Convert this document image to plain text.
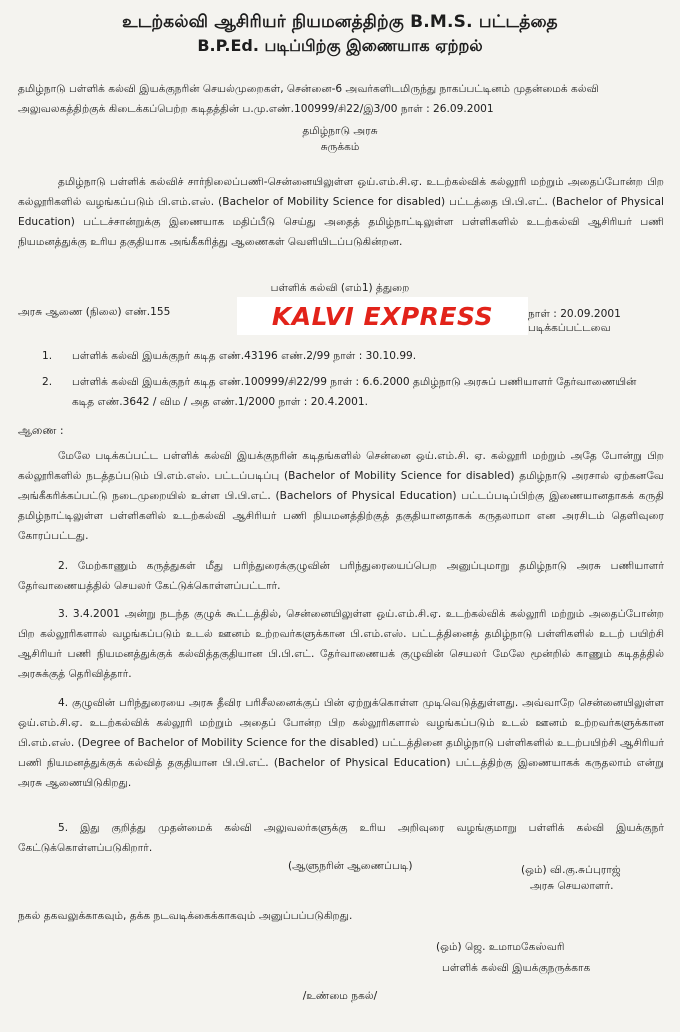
உடற்கல்வி ஆசிரியர் நியமனத்திற்கு B.M.S. பட்டத்தை
B.P.Ed. படிப்பிற்கு இணையாக ஏற்றல்
தமிழ்நாடு பள்ளிக் கல்வி இயக்குநரின் செயல்முறைகள், சென்னை-6 அவர்களிடமிருந்து நாகப்பட்டினம் முதன்மைக் கல்வி அலுவலகத்திற்குக் கிடைக்கப்பெற்ற கடிதத்தின் ப.மு.எண்.100999/சி22/இ3/00 நாள் : 26.09.2001
தமிழ்நாடு அரசு
சுருக்கம்
தமிழ்நாடு பள்ளிக் கல்விச் சார்நிலைப்பணி-சென்னையிலுள்ள ஒய்.எம்.சி.ஏ. உடற்கல்விக் கல்லூரி மற்றும் அதைப்போன்ற பிற கல்லூரிகளில் வழங்கப்படும் பி.எம்.எஸ். (Bachelor of Mobility Science for disabled) பட்டத்தை பி.பி.எட். (Bachelor of Physical Education) பட்டச்சான்றுக்கு இணையாக மதிப்பீடு செய்து அதைத் தமிழ்நாட்டிலுள்ள பள்ளிகளில் உடற்கல்வி ஆசிரியர் பணி நியமனத்துக்கு உரிய தகுதியாக அங்கீகரித்து ஆணைகள் வெளியிடப்படுகின்றன.
பள்ளிக் கல்வி (எம்1) த்துறை
அரசு ஆணை (நிலை) எண்.155	நாள் : 20.09.2001
படிக்கப்பட்டவை
KALVI EXPRESS
1. பள்ளிக் கல்வி இயக்குநர் கடித எண்.43196 எண்.2/99 நாள் : 30.10.99.
2. பள்ளிக் கல்வி இயக்குநர் கடித எண்.100999/சி22/99 நாள் : 6.6.2000 தமிழ்நாடு அரசுப் பணியாளர் தேர்வாணையின் கடித எண்.3642 / விம / அத எண்.1/2000 நாள் : 20.4.2001.
ஆணை :
மேலே படிக்கப்பட்ட பள்ளிக் கல்வி இயக்குநரின் கடிதங்களில் சென்னை ஒய்.எம்.சி. ஏ. கல்லூரி மற்றும் அதே போன்று பிற கல்லூரிகளில் நடத்தப்படும் பி.எம்.எஸ். பட்டப்படிப்பு (Bachelor of Mobility Science for disabled) தமிழ்நாடு அரசால் ஏற்கனவே அங்கீகரிக்கப்பட்டு நடைமுறையில் உள்ள பி.பி.எட். (Bachelors of Physical Education) பட்டப்படிப்பிற்கு இணையானதாகக் கருதி தமிழ்நாட்டிலுள்ள பள்ளிகளில் உடற்கல்வி ஆசிரியர் பணி நியமனத்திற்குத் தகுதியானதாகக் கருதலாமா என அரசிடம் தெளிவுரை கோரப்பட்டது.
2. மேற்காணும் கருத்துகள் மீது பரிந்துரைக்குழுவின் பரிந்துரையைப்பெற அனுப்புமாறு தமிழ்நாடு அரசு பணியாளர் தேர்வாணையத்தில் செயலர் கேட்டுக்கொள்ளப்பட்டார்.
3. 3.4.2001 அன்று நடந்த குழுக் கூட்டத்தில், சென்னையிலுள்ள ஒய்.எம்.சி.ஏ. உடற்கல்விக் கல்லூரி மற்றும் அதைப்போன்ற பிற கல்லூரிகளால் வழங்கப்படும் உடல் ஊனம் உற்றவர்களுக்கான பி.எம்.எஸ். பட்டத்தினைத் தமிழ்நாடு பள்ளிகளில் உடற் பயிற்சி ஆசிரியர் பணி நியமனத்துக்குக் கல்வித்தகுதியான பி.பி.எட். தேர்வாணையக் குழுவின் செயலர் மேலே மூன்றில் காணும் கடிதத்தில் அரசுக்குத் தெரிவித்தார்.
4. குழுவின் பரிந்துரையை அரசு தீவிர பரிசீலனைக்குப் பின் ஏற்றுக்கொள்ள முடிவெடுத்துள்ளது. அவ்வாறே சென்னையிலுள்ள ஒய்.எம்.சி.ஏ. உடற்கல்விக் கல்லூரி மற்றும் அதைப் போன்ற பிற கல்லூரிகளால் வழங்கப்படும் உடல் ஊனம் உற்றவர்களுக்கான பி.எம்.எஸ். (Degree of Bachelor of Mobility Science for the disabled) பட்டத்தினை தமிழ்நாடு பள்ளிகளில் உடற்பயிற்சி ஆசிரியர் பணி நியமனத்துக்குக் கல்வித் தகுதியான பி.பி.எட். (Bachelor of Physical Education) பட்டத்திற்கு இணையாகக் கருதலாம் என்று அரசு ஆணையிடுகிறது.
5. இது குறித்து முதன்மைக் கல்வி அலுவலர்களுக்கு உரிய அறிவுரை வழங்குமாறு பள்ளிக் கல்வி இயக்குநர் கேட்டுக்கொள்ளப்படுகிறார்.
(ஆளுநரின் ஆணைப்படி)	(ஒம்) வி.கு.சுப்புராஜ்
அரசு செயலாளர்.
நகல் தகவலுக்காகவும், தக்க நடவடிக்கைக்காகவும் அனுப்பப்படுகிறது.
(ஒம்) ஜெ. உமாமகேஸ்வரி
பள்ளிக் கல்வி இயக்குநருக்காக
/உண்மை நகல்/
